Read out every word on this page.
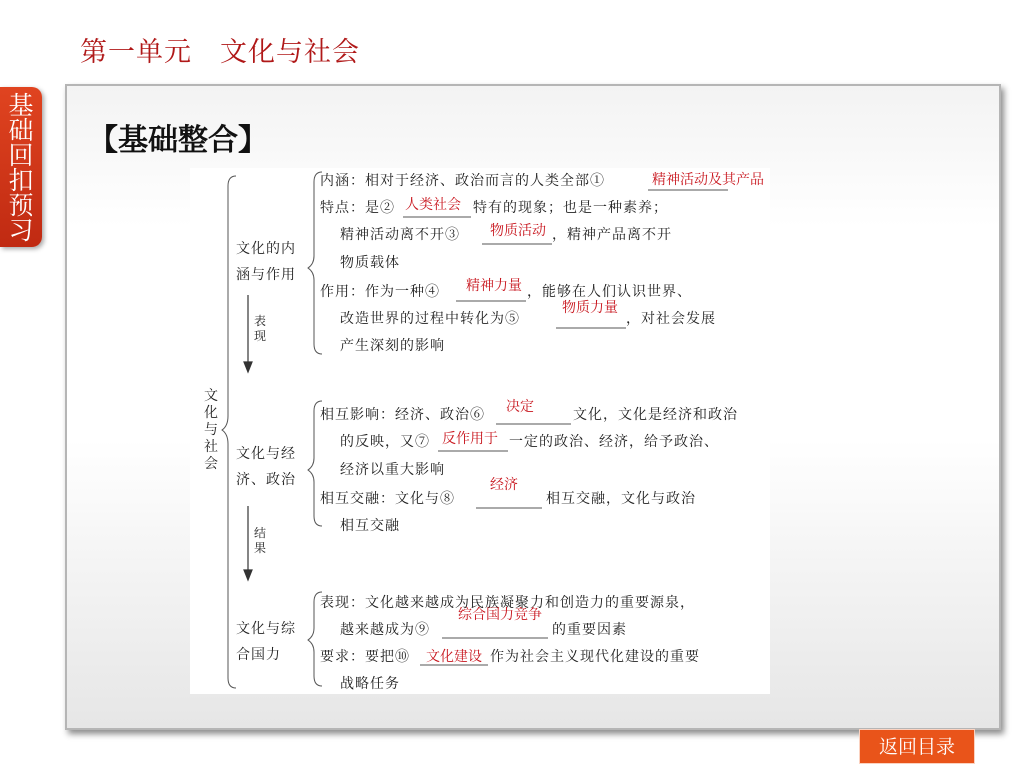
第一单元　文化与社会
基础回扣预习 【基础整合】
文化与社会
文化的内涵与作用
文化与经济、政治
文化与综合国力
表现
结果
内涵：相对于经济、政治而言的人类全部①
特点：是②	特有的现象；也是一种素养；
精神活动离不开③	，精神产品离不开
物质载体
作用：作为一种④	，能够在人们认识世界、
改造世界的过程中转化为⑤	，对社会发展
产生深刻的影响
相互影响：经济、政治⑥	文化，文化是经济和政治
的反映，又⑦	一定的政治、经济，给予政治、
经济以重大影响
相互交融：文化与⑧	相互交融，文化与政治
相互交融
表现：文化越来越成为民族凝聚力和创造力的重要源泉，
越来越成为⑨	的重要因素
要求：要把⑩	作为社会主义现代化建设的重要
战略任务
精神活动及其产品
人类社会
物质活动
精神力量
物质力量
决定
反作用于
经济
综合国力竞争
文化建设
返回目录
